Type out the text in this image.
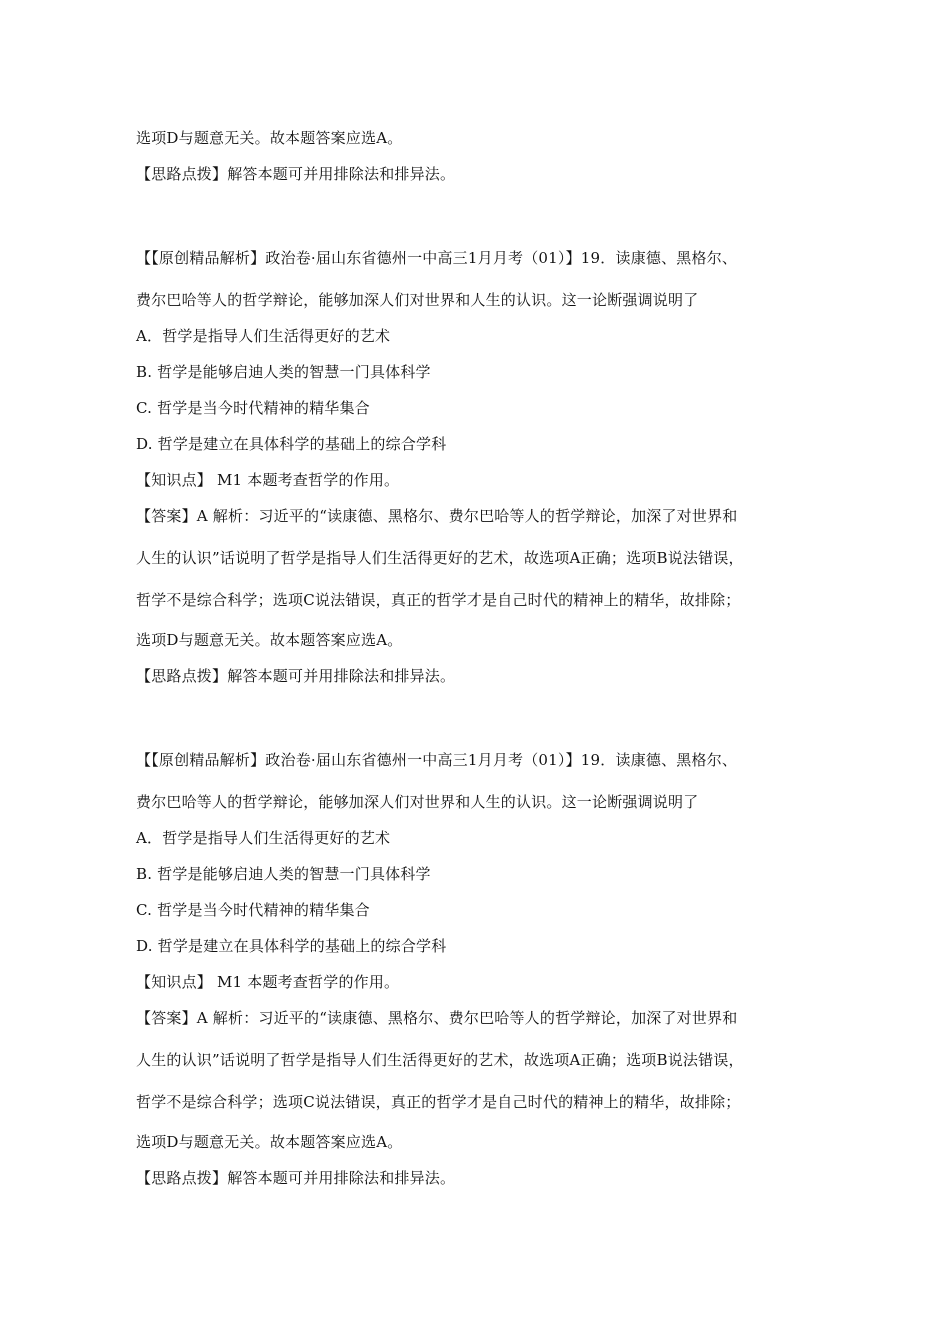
选项D与题意无关。故本题答案应选A。
【思路点拨】解答本题可并用排除法和排异法。
【【原创精品解析】政治卷·届山东省德州一中高三1月月考（01）】19．读康德、黑格尔、
费尔巴哈等人的哲学辩论，能够加深人们对世界和人生的认识。这一论断强调说明了
A．哲学是指导人们生活得更好的艺术
B. 哲学是能够启迪人类的智慧一门具体科学
C. 哲学是当今时代精神的精华集合
D. 哲学是建立在具体科学的基础上的综合学科
【知识点】 M1 本题考查哲学的作用。
【答案】A 解析：习近平的“读康德、黑格尔、费尔巴哈等人的哲学辩论，加深了对世界和
人生的认识”话说明了哲学是指导人们生活得更好的艺术，故选项A正确；选项B说法错误，
哲学不是综合科学；选项C说法错误，真正的哲学才是自己时代的精神上的精华，故排除；
选项D与题意无关。故本题答案应选A。
【思路点拨】解答本题可并用排除法和排异法。
【【原创精品解析】政治卷·届山东省德州一中高三1月月考（01）】19．读康德、黑格尔、
费尔巴哈等人的哲学辩论，能够加深人们对世界和人生的认识。这一论断强调说明了
A．哲学是指导人们生活得更好的艺术
B. 哲学是能够启迪人类的智慧一门具体科学
C. 哲学是当今时代精神的精华集合
D. 哲学是建立在具体科学的基础上的综合学科
【知识点】 M1 本题考查哲学的作用。
【答案】A 解析：习近平的“读康德、黑格尔、费尔巴哈等人的哲学辩论，加深了对世界和
人生的认识”话说明了哲学是指导人们生活得更好的艺术，故选项A正确；选项B说法错误，
哲学不是综合科学；选项C说法错误，真正的哲学才是自己时代的精神上的精华，故排除；
选项D与题意无关。故本题答案应选A。
【思路点拨】解答本题可并用排除法和排异法。
